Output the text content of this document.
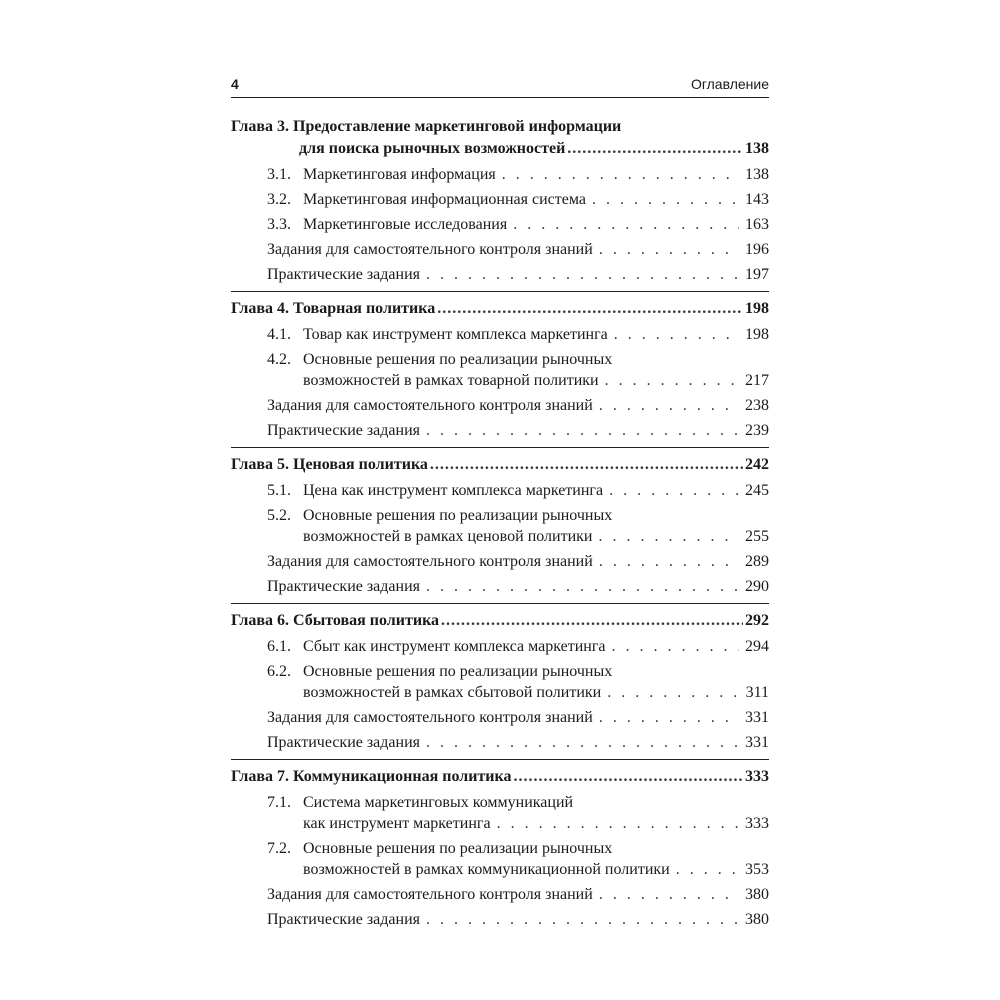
4	Оглавление
Глава 3. Предоставление маркетинговой информации
для поиска рыночных возможностей .....	138
3.1. Маркетинговая информация . . .	138
3.2. Маркетинговая информационная система . . .	143
3.3. Маркетинговые исследования . . .	163
Задания для самостоятельного контроля знаний . . .	196
Практические задания . . .	197
Глава 4. Товарная политика .....	198
4.1. Товар как инструмент комплекса маркетинга . . .	198
4.2. Основные решения по реализации рыночных
возможностей в рамках товарной политики . . .	217
Задания для самостоятельного контроля знаний . . .	238
Практические задания . . .	239
Глава 5. Ценовая политика .....	242
5.1. Цена как инструмент комплекса маркетинга . . .	245
5.2. Основные решения по реализации рыночных
возможностей в рамках ценовой политики . . .	255
Задания для самостоятельного контроля знаний . . .	289
Практические задания . . .	290
Глава 6. Сбытовая политика .....	292
6.1. Сбыт как инструмент комплекса маркетинга . . .	294
6.2. Основные решения по реализации рыночных
возможностей в рамках сбытовой политики . . .	311
Задания для самостоятельного контроля знаний . . .	331
Практические задания . . .	331
Глава 7. Коммуникационная политика .....	333
7.1. Система маркетинговых коммуникаций
как инструмент маркетинга . . .	333
7.2. Основные решения по реализации рыночных
возможностей в рамках коммуникационной политики . . .	353
Задания для самостоятельного контроля знаний . . .	380
Практические задания . . .	380
